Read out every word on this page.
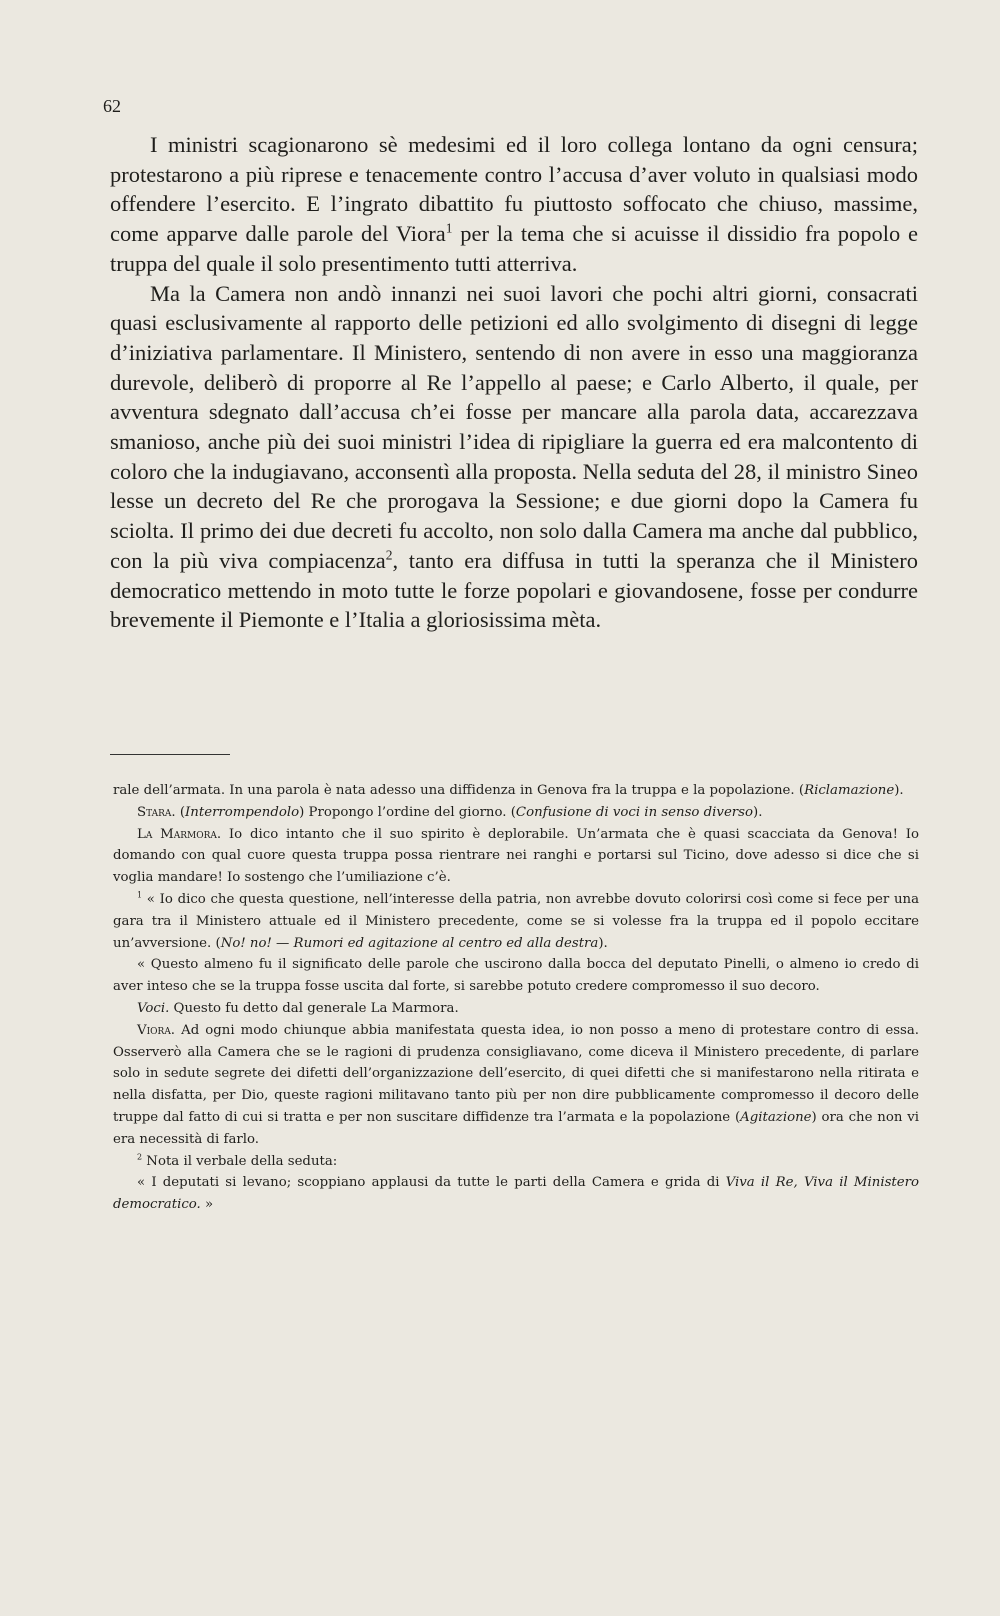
62

I ministri scagionarono sè medesimi ed il loro collega lontano da ogni censura; protestarono a più riprese e tenacemente contro l’accusa d’aver voluto in qualsiasi modo offendere l’esercito. E l’ingrato dibattito fu piuttosto soffocato che chiuso, massime, come apparve dalle parole del Viora$^1$ per la tema che si acuisse il dissidio fra popolo e truppa del quale il solo presentimento tutti atterriva.

Ma la Camera non andò innanzi nei suoi lavori che pochi altri giorni, consacrati quasi esclusivamente al rapporto delle petizioni ed allo svolgimento di disegni di legge d’iniziativa parlamentare. Il Ministero, sentendo di non avere in esso una maggioranza durevole, deliberò di proporre al Re l’appello al paese; e Carlo Alberto, il quale, per avventura sdegnato dall’accusa ch’ei fosse per mancare alla parola data, accarezzava smanioso, anche più dei suoi ministri l’idea di ripigliare la guerra ed era malcontento di coloro che la indugiavano, acconsentì alla proposta. Nella seduta del 28, il ministro Sineo lesse un decreto del Re che prorogava la Sessione; e due giorni dopo la Camera fu sciolta. Il primo dei due decreti fu accolto, non solo dalla Camera ma anche dal pubblico, con la più viva compiacenza$^2$, tanto era diffusa in tutti la speranza che il Ministero democratico mettendo in moto tutte le forze popolari e giovandosene, fosse per condurre brevemente il Piemonte e l’Italia a gloriosissima mèta.

rale dell’armata. In una parola è nata adesso una diffidenza in Genova fra la truppa e la popolazione. (Riclamazione).

Stara. (Interrompendolo) Propongo l’ordine del giorno. (Confusione di voci in senso diverso).

La Marmora. Io dico intanto che il suo spirito è deplorabile. Un’armata che è quasi scacciata da Genova! Io domando con qual cuore questa truppa possa rientrare nei ranghi e portarsi sul Ticino, dove adesso si dice che si voglia mandare! Io sostengo che l’umiliazione c’è.

$^1$ « Io dico che questa questione, nell’interesse della patria, non avrebbe dovuto colorirsi così come si fece per una gara tra il Ministero attuale ed il Ministero precedente, come se si volesse fra la truppa ed il popolo eccitare un’avversione. (No! no! — Rumori ed agitazione al centro ed alla destra).

« Questo almeno fu il significato delle parole che uscirono dalla bocca del deputato Pinelli, o almeno io credo di aver inteso che se la truppa fosse uscita dal forte, si sarebbe potuto credere compromesso il suo decoro.

Voci. Questo fu detto dal generale La Marmora.

Viora. Ad ogni modo chiunque abbia manifestata questa idea, io non posso a meno di protestare contro di essa. Osserverò alla Camera che se le ragioni di prudenza consigliavano, come diceva il Ministero precedente, di parlare solo in sedute segrete dei difetti dell’organizzazione dell’esercito, di quei difetti che si manifestarono nella ritirata e nella disfatta, per Dio, queste ragioni militavano tanto più per non dire pubblicamente compromesso il decoro delle truppe dal fatto di cui si tratta e per non suscitare diffidenze tra l’armata e la popolazione (Agitazione) ora che non vi era necessità di farlo.

$^2$ Nota il verbale della seduta:

« I deputati si levano; scoppiano applausi da tutte le parti della Camera e grida di Viva il Re, Viva il Ministero democratico. »
